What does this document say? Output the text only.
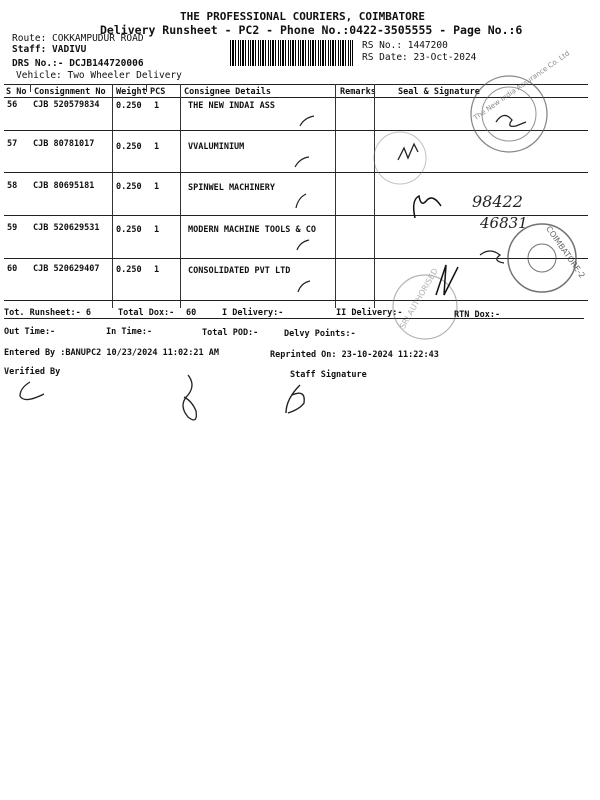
THE PROFESSIONAL COURIERS, COIMBATORE
Delivery Runsheet - PC2 - Phone No.:0422-3505555 - Page No.:6
Route: COKKAMPUDUR ROAD
Staff: VADIVU
DRS No.:- DCJB144720006
Vehicle: Two Wheeler Delivery
RS No.: 1447200
RS Date: 23-Oct-2024
S No Consignment No Weight PCS Consignee Details	Remarks	Seal & Signature
56 CJB 520579834 0.250 1	THE NEW INDAI ASS
57 CJB 80781017	0.250 1	VVALUMINIUM
58 CJB 80695181	0.250 1	SPINWEL MACHINERY
59 CJB 520629531 0.250 1	MODERN MACHINE TOOLS & CO
60 CJB 520629407 0.250 1	CONSOLIDATED PVT LTD
Tot. Runsheet:- 6	Total Dox:- 60	I Delivery:-	II Delivery:-	RTN Dox:-
Out Time:-	In Time:-	Total POD:-	Delvy Points:-
Entered By :BANUPC2 10/23/2024 11:02:21 AM	Reprinted On: 23-10-2024 11:22:43
Verified By	Staff Signature
The New India Assurance Co. Ltd
COIMBATORE-2
SRI AUTHORISED
98422
46831
